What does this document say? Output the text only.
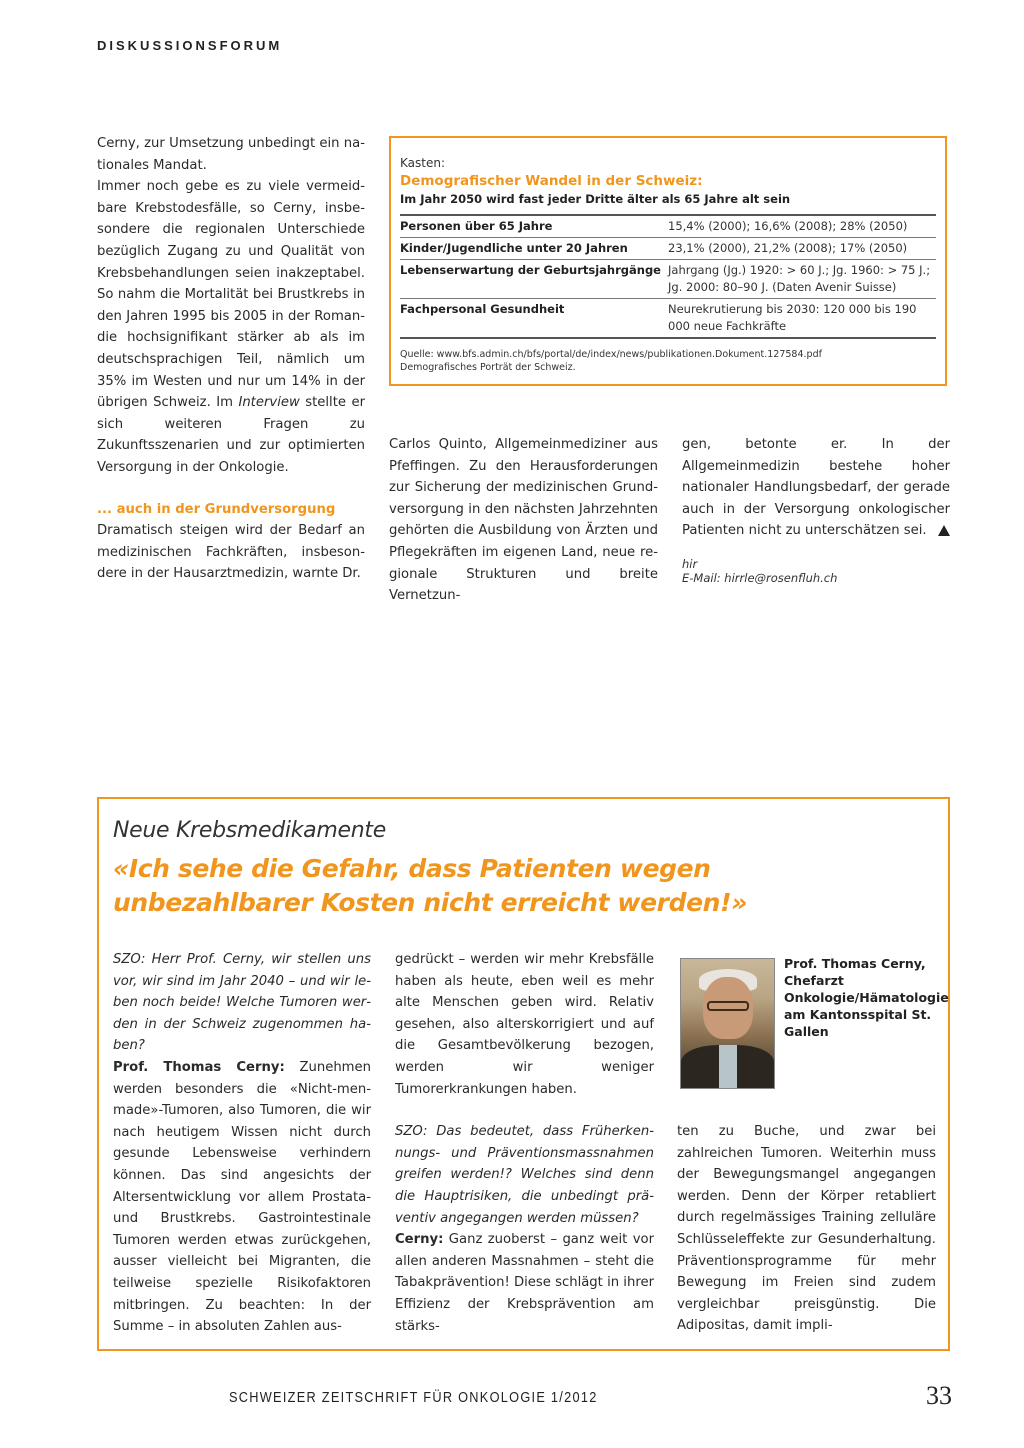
DISKUSSIONSFORUM

Cerny, zur Umsetzung unbedingt ein nationales Mandat.

Immer noch gebe es zu viele vermeidbare Krebstodesfälle, so Cerny, insbesondere die regionalen Unterschiede bezüglich Zugang zu und Qualität von Krebsbehandlungen seien inakzeptabel. So nahm die Mortalität bei Brustkrebs in den Jahren 1995 bis 2005 in der Romandie hochsignifikant stärker ab als im deutschsprachigen Teil, nämlich um 35% im Westen und nur um 14% in der übrigen Schweiz. Im Interview stellte er sich weiteren Fragen zu Zukunftsszenarien und zur optimierten Versorgung in der Onkologie.

... auch in der Grundversorgung

Dramatisch steigen wird der Bedarf an medizinischen Fachkräften, insbesondere in der Hausarztmedizin, warnte Dr.

Kasten:
Demografischer Wandel in der Schweiz:
Im Jahr 2050 wird fast jeder Dritte älter als 65 Jahre alt sein
Personen über 65 Jahre	15,4% (2000); 16,6% (2008); 28% (2050)
Kinder/Jugendliche unter 20 Jahren	23,1% (2000), 21,2% (2008); 17% (2050)
Lebenserwartung der Geburtsjahrgänge	Jahrgang (Jg.) 1920: > 60 J.; Jg. 1960: > 75 J.; Jg. 2000: 80–90 J. (Daten Avenir Suisse)
Fachpersonal Gesundheit	Neurekrutierung bis 2030: 120 000 bis 190 000 neue Fachkräfte
Quelle: www.bfs.admin.ch/bfs/portal/de/index/news/publikationen.Dokument.127584.pdf
Demografisches Porträt der Schweiz.

Carlos Quinto, Allgemeinmediziner aus Pfeffingen. Zu den Herausforderungen zur Sicherung der medizinischen Grundversorgung in den nächsten Jahrzehnten gehörten die Ausbildung von Ärzten und Pflegekräften im eigenen Land, neue regionale Strukturen und breite Vernetzun-

gen, betonte er. In der Allgemeinmedizin bestehe hoher nationaler Handlungsbedarf, der gerade auch in der Versorgung onkologischer Patienten nicht zu unterschätzen sei.

hir
E-Mail: hirrle@rosenfluh.ch
Neue Krebsmedikamente
«Ich sehe die Gefahr, dass Patienten wegen unbezahlbarer Kosten nicht erreicht werden!»

SZO: Herr Prof. Cerny, wir stellen uns vor, wir sind im Jahr 2040 – und wir leben noch beide! Welche Tumoren werden in der Schweiz zugenommen haben?

Prof. Thomas Cerny: Zunehmen werden besonders die «Nicht-men-made»-Tumoren, also Tumoren, die wir nach heutigem Wissen nicht durch gesunde Lebensweise verhindern können. Das sind angesichts der Altersentwicklung vor allem Prostata- und Brustkrebs. Gastrointestinale Tumoren werden etwas zurückgehen, ausser vielleicht bei Migranten, die teilweise spezielle Risikofaktoren mitbringen. Zu beachten: In der Summe – in absoluten Zahlen aus-

gedrückt – werden wir mehr Krebsfälle haben als heute, eben weil es mehr alte Menschen geben wird. Relativ gesehen, also alterskorrigiert und auf die Gesamtbevölkerung bezogen, werden wir weniger Tumorerkrankungen haben.

SZO: Das bedeutet, dass Früherkennungs- und Präventionsmassnahmen greifen werden!? Welches sind denn die Hauptrisiken, die unbedingt präventiv angegangen werden müssen?

Cerny: Ganz zuoberst – ganz weit vor allen anderen Massnahmen – steht die Tabakprävention! Diese schlägt in ihrer Effizienz der Krebsprävention am stärks-

Prof. Thomas Cerny, Chefarzt Onkologie/Hämatologie am Kantonsspital St. Gallen

ten zu Buche, und zwar bei zahlreichen Tumoren. Weiterhin muss der Bewegungsmangel angegangen werden. Denn der Körper retabliert durch regelmässiges Training zelluläre Schlüsseleffekte zur Gesunderhaltung. Präventionsprogramme für mehr Bewegung im Freien sind zudem vergleichbar preisgünstig. Die Adipositas, damit impli-

SCHWEIZER ZEITSCHRIFT FÜR ONKOLOGIE 1/2012	33
